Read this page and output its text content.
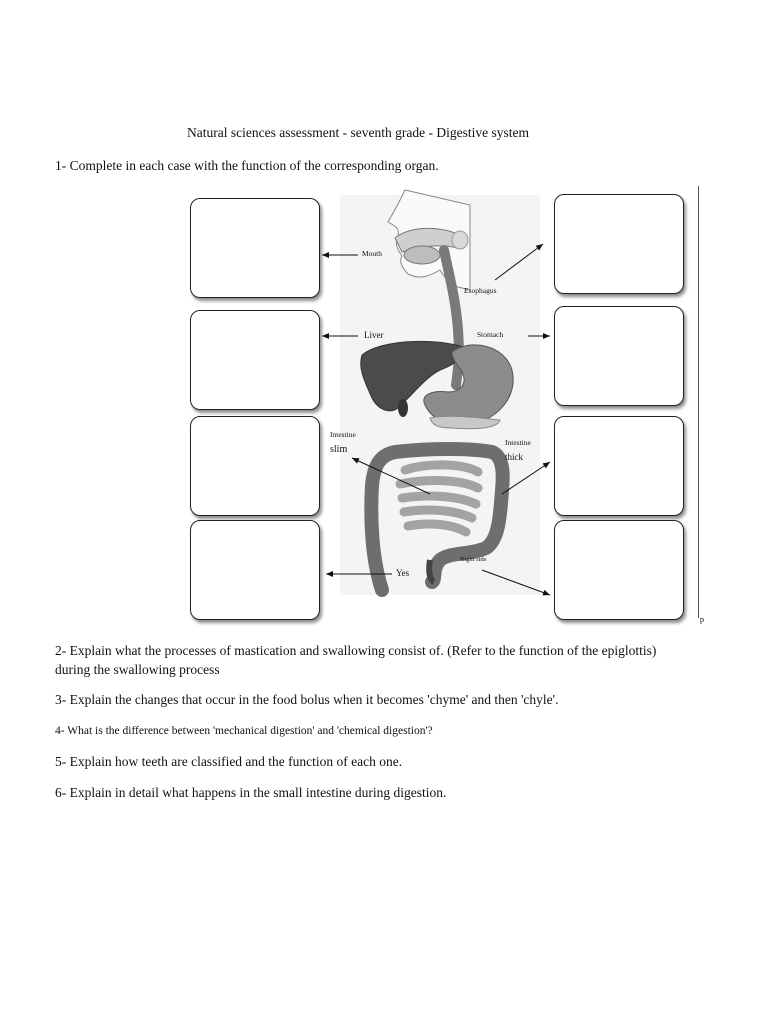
Natural sciences assessment - seventh grade - Digestive system
1- Complete in each case with the function of the corresponding organ.
Mouth
Esophagus
Liver	Stomach
Intestine
slim
Intestine
thick
Right side
Yes
d
2- Explain what the processes of mastication and swallowing consist of. (Refer to the function of the epiglottis)
during the swallowing process
3- Explain the changes that occur in the food bolus when it becomes 'chyme' and then 'chyle'.
4- What is the difference between 'mechanical digestion' and 'chemical digestion'?
5- Explain how teeth are classified and the function of each one.
6- Explain in detail what happens in the small intestine during digestion.
